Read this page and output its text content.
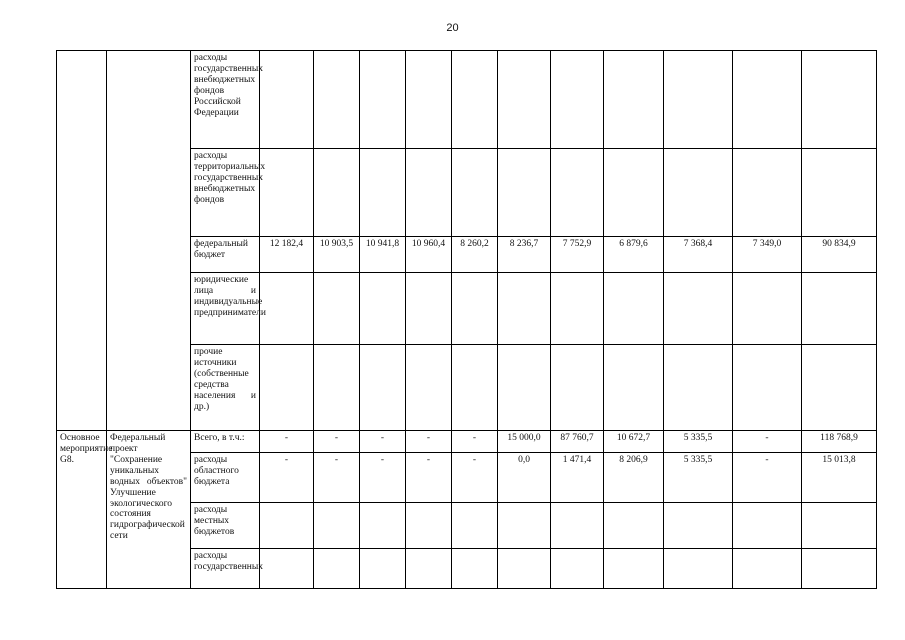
20
		расходы государственных внебюджетных фондов Российской Федерации											
		расходы территориальных государственных внебюджетных фондов											
		федеральный бюджет	12 182,4	10 903,5	10 941,8	10 960,4	8 260,2	8 236,7	7 752,9	6 879,6	7 368,4	7 349,0	90 834,9
		юридические лица и индивидуальные предприниматели											
		прочие источники (собственные средства населения и др.)											
Основное мероприятие G8.	Федеральный проект "Сохранение уникальных водных объектов" Улучшение экологического состояния гидрографической сети	Всего, в т.ч.:	-	-	-	-	-	15 000,0	87 760,7	10 672,7	5 335,5	-	118 768,9
		расходы областного бюджета	-	-	-	-	-	0,0	1 471,4	8 206,9	5 335,5	-	15 013,8
		расходы местных бюджетов											
		расходы государственных											
